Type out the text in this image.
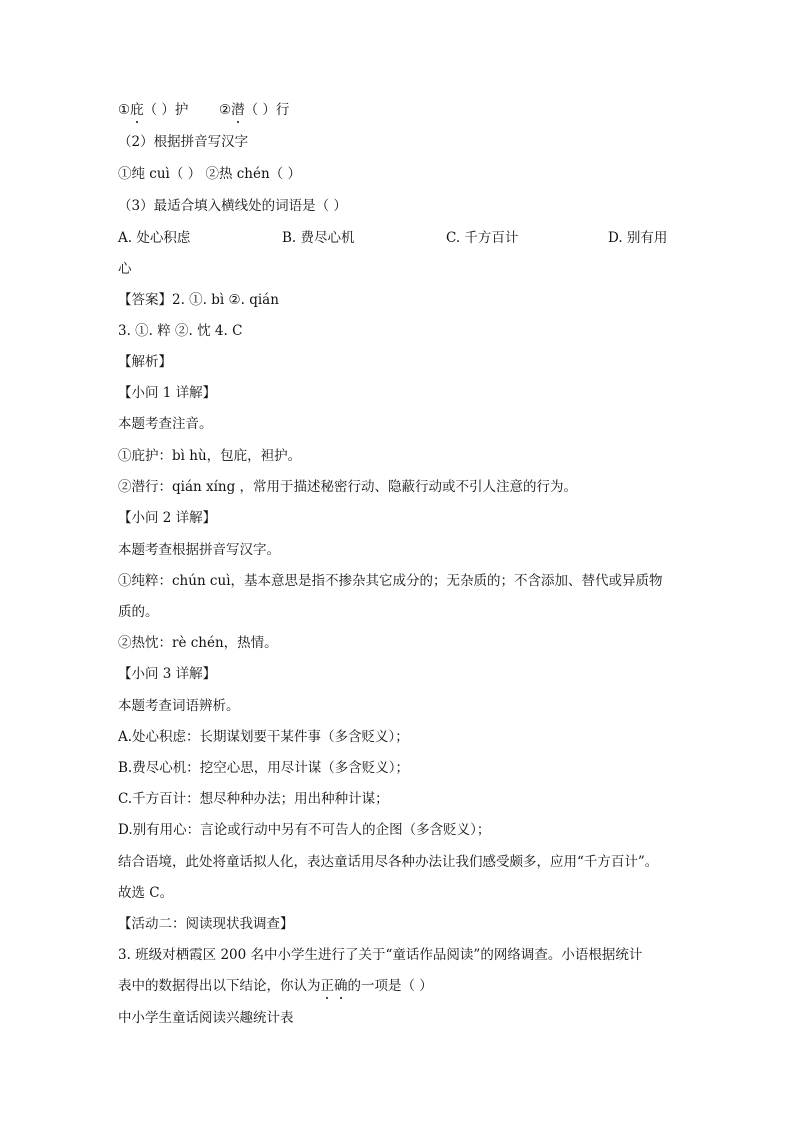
①庇（ ）护 ②潜（ ）行
（2）根据拼音写汉字
①纯 cuì（ ） ②热 chén（ ）
（3）最适合填入横线处的词语是（ ）
A. 处心积虑	B. 费尽心机	C. 千方百计	D. 别有用
心
【答案】2. ①. bì ②. qián
3. ①. 粹 ②. 忱 4. C
【解析】
【小问 1 详解】
本题考查注音。
①庇护：bì hù，包庇，袒护。
②潜行：qián xíng ，常用于描述秘密行动、隐蔽行动或不引人注意的行为。
【小问 2 详解】
本题考查根据拼音写汉字。
①纯粹：chún cuì，基本意思是指不掺杂其它成分的；无杂质的；不含添加、替代或异质物
质的。
②热忱：rè chén，热情。
【小问 3 详解】
本题考查词语辨析。
A.处心积虑：长期谋划要干某件事（多含贬义）；
B.费尽心机：挖空心思，用尽计谋（多含贬义）；
C.千方百计：想尽种种办法；用出种种计谋；
D.别有用心：言论或行动中另有不可告人的企图（多含贬义）；
结合语境，此处将童话拟人化，表达童话用尽各种办法让我们感受颇多，应用“千方百计”。
故选 C。
【活动二：阅读现状我调查】
3. 班级对栖霞区 200 名中小学生进行了关于“童话作品阅读”的网络调查。小语根据统计
表中的数据得出以下结论，你认为正确的一项是（ ）
中小学生童话阅读兴趣统计表
